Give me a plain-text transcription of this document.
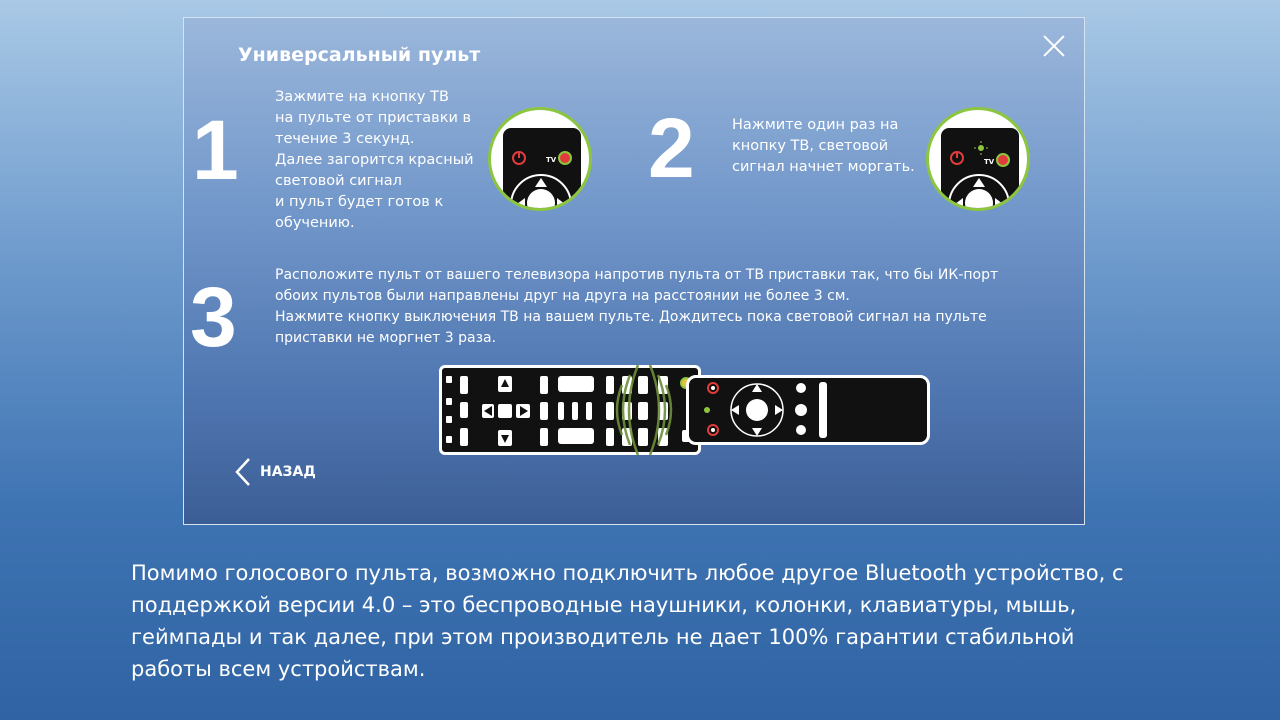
Универсальный пульт
1
Зажмите на кнопку ТВ
на пульте от приставки в
течение 3 секунд.
Далее загорится красный
световой сигнал
и пульт будет готов к
обучению.
TV 2	Нажмите один раз на
кнопку ТВ, световой
сигнал начнет моргать.	TV
3	Расположите пульт от вашего телевизора напротив пульта от ТВ приставки так, что бы ИК-порт
обоих пультов были направлены друг на друга на расстоянии не более 3 см.
Нажмите кнопку выключения ТВ на вашем пульте. Дождитесь пока световой сигнал на пульте
приставки не моргнет 3 раза.
НАЗАД
Помимо голосового пульта, возможно подключить любое другое Bluetooth устройство, с поддержкой версии 4.0 – это беспроводные наушники, колонки, клавиатуры, мышь, геймпады и так далее, при этом производитель не дает 100% гарантии стабильной работы всем устройствам.
